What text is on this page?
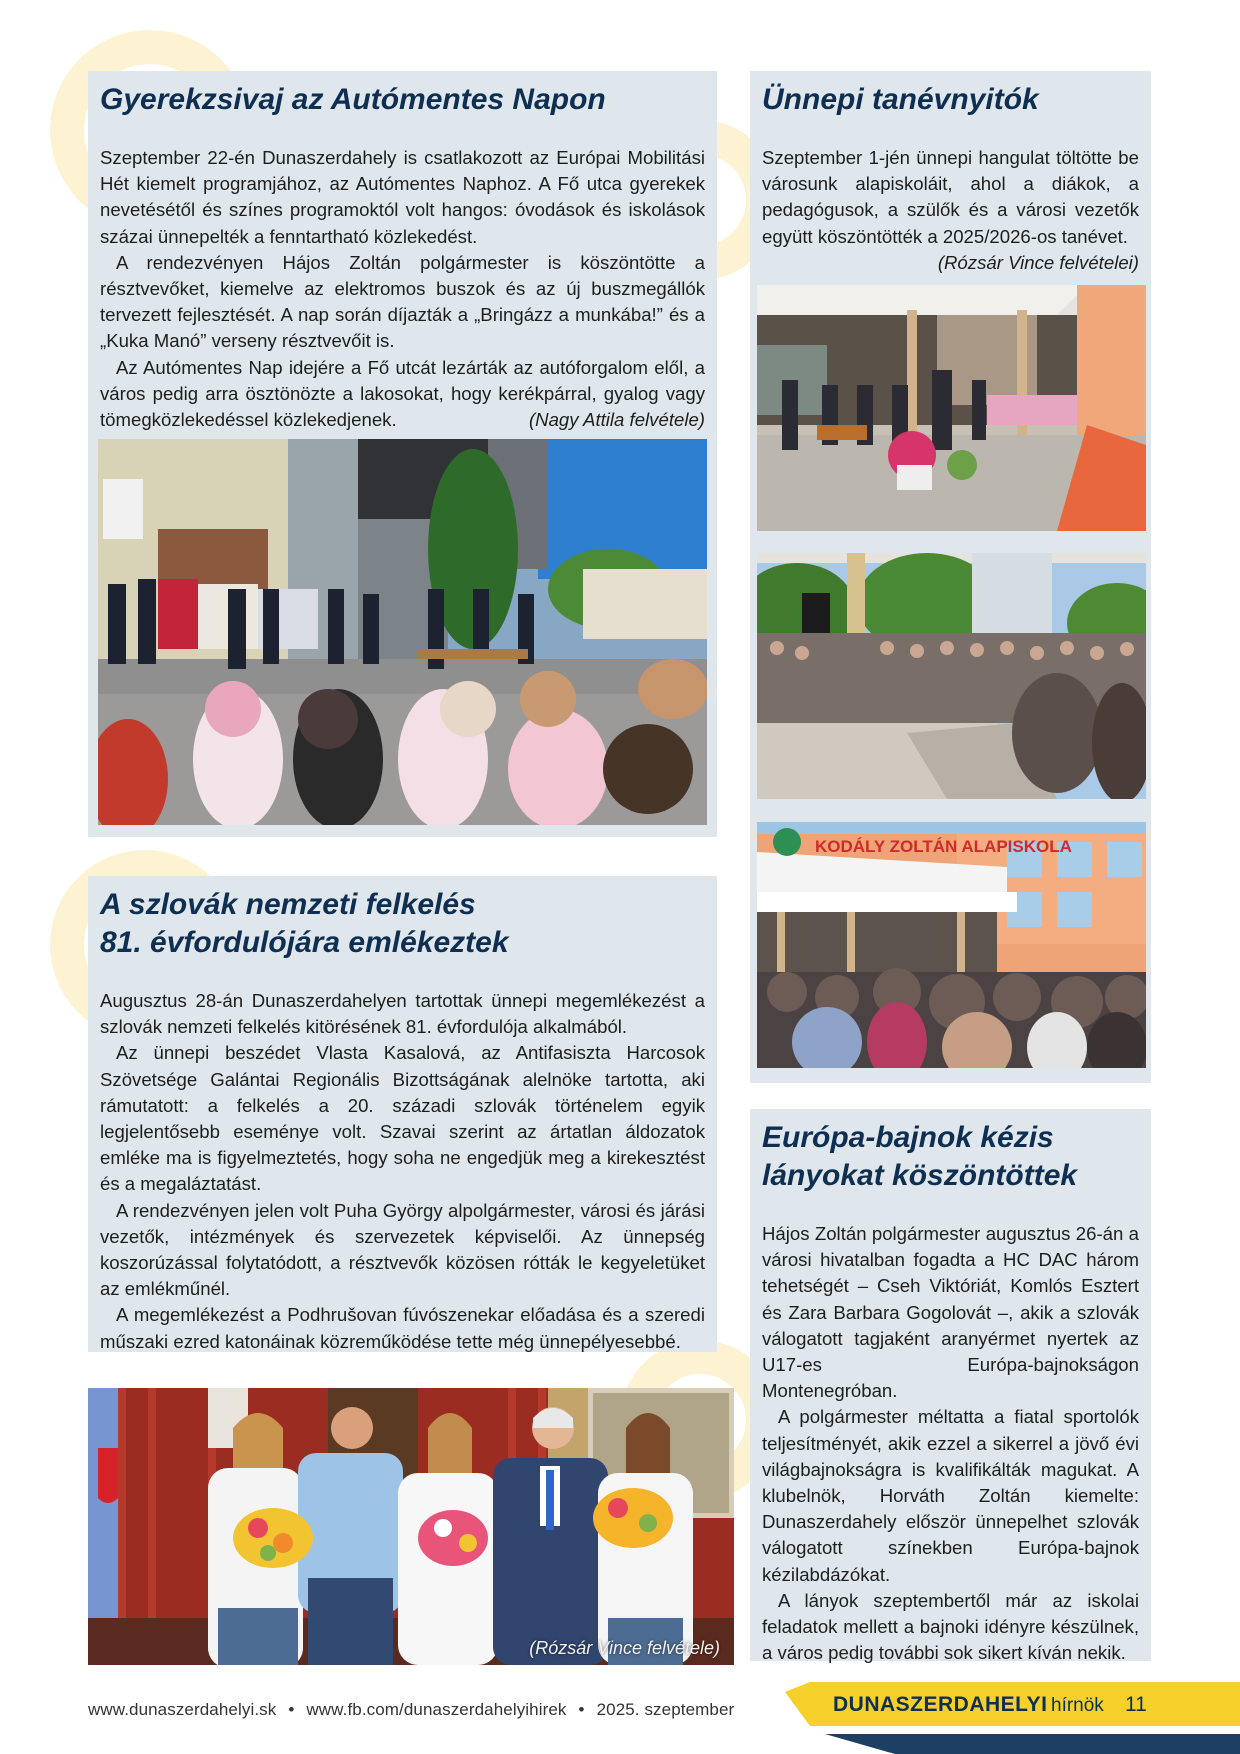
Gyerekzsivaj az Autómentes Napon

Szeptember 22-én Dunaszerdahely is csatlakozott az Európai Mobilitási Hét kiemelt programjához, az Autómentes Naphoz. A Fő utca gyerekek nevetésétől és színes programoktól volt hangos: óvodások és iskolások százai ünnepelték a fenntartható közlekedést.

A rendezvényen Hájos Zoltán polgármester is köszöntötte a résztvevőket, kiemelve az elektromos buszok és az új buszmegállók tervezett fejlesztését. A nap során díjazták a „Bringázz a munkába!” és a „Kuka Manó” verseny résztvevőit is.

Az Autómentes Nap idejére a Fő utcát lezárták az autóforgalom elől, a város pedig arra ösztönözte a lakosokat, hogy kerékpárral, gyalog vagy tömegközlekedéssel közlekedjenek.	(Nagy Attila felvétele)

Ünnepi tanévnyitók

Szeptember 1-jén ünnepi hangulat töltötte be városunk alapiskoláit, ahol a diákok, a pedagógusok, a szülők és a városi vezetők együtt köszöntötték a 2025/2026-os tanévet.
(Rózsár Vince felvételei)

KODÁLY ZOLTÁN ALAPISKOLA
A szlovák nemzeti felkelés
81. évfordulójára emlékeztek

Augusztus 28-án Dunaszerdahelyen tartottak ünnepi megemlékezést a szlovák nemzeti felkelés kitörésének 81. évfordulója alkalmából.

Az ünnepi beszédet Vlasta Kasalová, az Antifasiszta Harcosok Szövetsége Galántai Regionális Bizottságának alelnöke tartotta, aki rámutatott: a felkelés a 20. századi szlovák történelem egyik legjelentősebb eseménye volt. Szavai szerint az ártatlan áldozatok emléke ma is figyelmeztetés, hogy soha ne engedjük meg a kirekesztést és a megaláztatást.

A rendezvényen jelen volt Puha György alpolgármester, városi és járási vezetők, intézmények és szervezetek képviselői. Az ünnepség koszorúzással folytatódott, a résztvevők közösen rótták le kegyeletüket az emlékműnél.

A megemlékezést a Podhrušovan fúvószenekar előadása és a szeredi műszaki ezred katonáinak közreműködése tette még ünnepélyesebbé.

Európa-bajnok kézis
lányokat köszöntöttek

Hájos Zoltán polgármester augusztus 26-án a városi hivatalban fogadta a HC DAC három tehetségét – Cseh Viktóriát, Komlós Esztert és Zara Barbara Gogolovát –, akik a szlovák válogatott tagjaként aranyérmet nyertek az U17-es Európa-bajnokságon Montenegróban.

A polgármester méltatta a fiatal sportolók teljesítményét, akik ezzel a sikerrel a jövő évi világbajnokságra is kvalifikálták magukat. A klubelnök, Horváth Zoltán kiemelte: Dunaszerdahely először ünnepelhet szlovák válogatott színekben Európa-bajnok kézilabdázókat.

A lányok szeptembertől már az iskolai feladatok mellett a bajnoki idényre készülnek, a város pedig további sok sikert kíván nekik.

(Rózsár Vince felvétele)
www.dunaszerdahelyi.sk • www.fb.com/dunaszerdahelyihirek • 2025. szeptember	DUNASZERDAHELYI hírnök 11
